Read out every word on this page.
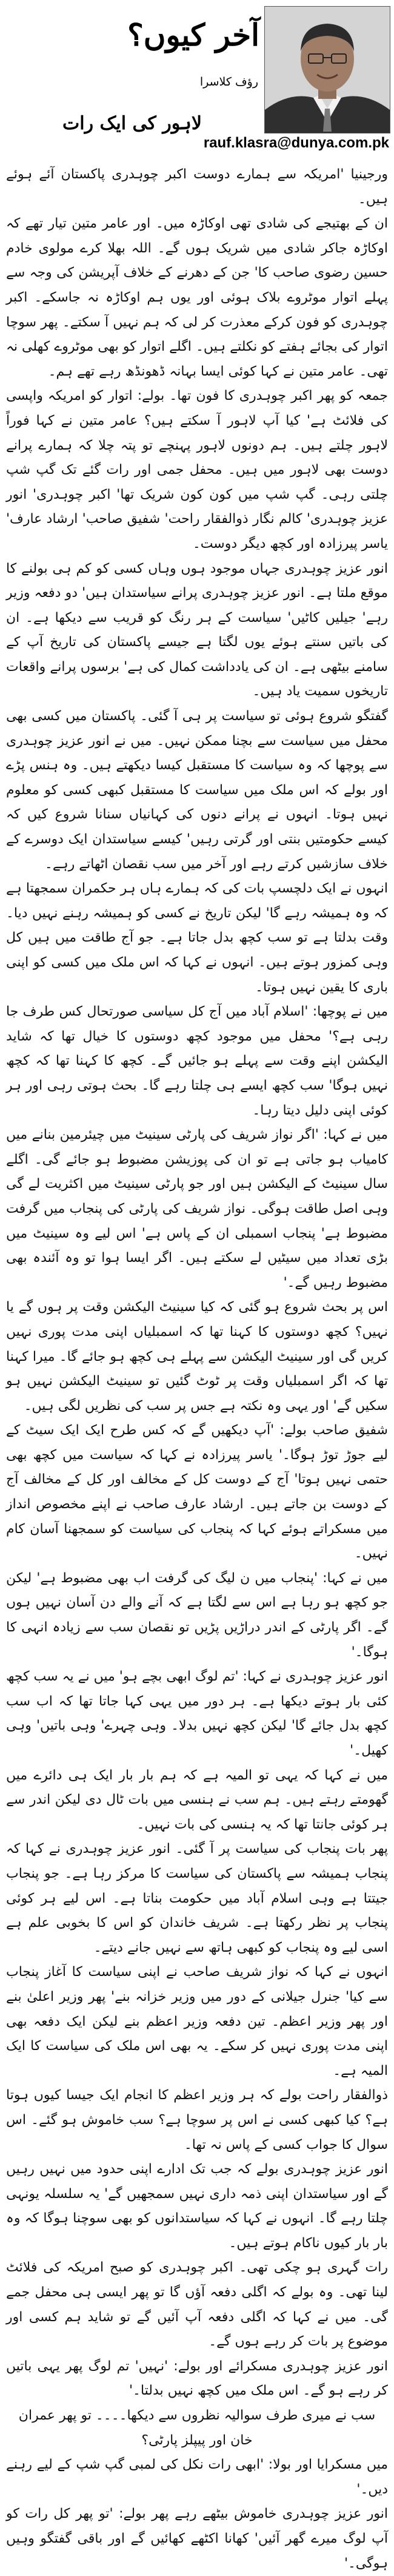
آخر کیوں؟
رؤف کلاسرا
لاہور کی ایک رات
rauf.klasra@dunya.com.pk

ورجینیا 'امریکہ سے ہمارے دوست اکبر چوہدری پاکستان آئے ہوئے ہیں۔

ان کے بھتیجے کی شادی تھی اوکاڑہ میں۔ اور عامر متین تیار تھے کہ اوکاڑہ جاکر شادی میں شریک ہوں گے۔ اللہ بھلا کرے مولوی خادم حسین رضوی صاحب کا' جن کے دھرنے کے خلاف آپریشن کی وجہ سے پہلے اتوار موٹروے بلاک ہوئی اور یوں ہم اوکاڑہ نہ جاسکے۔ اکبر چوہدری کو فون کرکے معذرت کر لی کہ ہم نہیں آ سکتے۔ پھر سوچا اتوار کی بجائے ہفتے کو نکلتے ہیں۔ اگلے اتوار کو بھی موٹروے کھلی نہ تھی۔ عامر متین نے کہا کوئی ایسا بہانہ ڈھونڈھ رہے تھے ہم۔

جمعہ کو پھر اکبر چوہدری کا فون تھا۔ بولے: اتوار کو امریکہ واپسی کی فلائٹ ہے' کیا آپ لاہور آ سکتے ہیں؟ عامر متین نے کہا فوراً لاہور چلتے ہیں۔ ہم دونوں لاہور پہنچے تو پتہ چلا کہ ہمارے پرانے دوست بھی لاہور میں ہیں۔ محفل جمی اور رات گئے تک گپ شپ چلتی رہی۔ گپ شپ میں کون کون شریک تھا' اکبر چوہدری' انور عزیز چوہدری' کالم نگار ذوالفقار راحت' شفیق صاحب' ارشاد عارف' یاسر پیرزادہ اور کچھ دیگر دوست۔

انور عزیز چوہدری جہاں موجود ہوں وہاں کسی کو کم ہی بولنے کا موقع ملتا ہے۔ انور عزیز چوہدری پرانے سیاستدان ہیں' دو دفعہ وزیر رہے' جیلیں کاٹیں' سیاست کے ہر رنگ کو قریب سے دیکھا ہے۔ ان کی باتیں سنتے ہوئے یوں لگتا ہے جیسے پاکستان کی تاریخ آپ کے سامنے بیٹھی ہے۔ ان کی یادداشت کمال کی ہے' برسوں پرانے واقعات تاریخوں سمیت یاد ہیں۔

گفتگو شروع ہوئی تو سیاست پر ہی آ گئی۔ پاکستان میں کسی بھی محفل میں سیاست سے بچنا ممکن نہیں۔ میں نے انور عزیز چوہدری سے پوچھا کہ وہ سیاست کا مستقبل کیسا دیکھتے ہیں۔ وہ ہنس پڑے اور بولے کہ اس ملک میں سیاست کا مستقبل کبھی کسی کو معلوم نہیں ہوتا۔ انہوں نے پرانے دنوں کی کہانیاں سنانا شروع کیں کہ کیسے حکومتیں بنتی اور گرتی رہیں' کیسے سیاستدان ایک دوسرے کے خلاف سازشیں کرتے رہے اور آخر میں سب نقصان اٹھاتے رہے۔

انہوں نے ایک دلچسپ بات کی کہ ہمارے ہاں ہر حکمران سمجھتا ہے کہ وہ ہمیشہ رہے گا' لیکن تاریخ نے کسی کو ہمیشہ رہنے نہیں دیا۔ وقت بدلتا ہے تو سب کچھ بدل جاتا ہے۔ جو آج طاقت میں ہیں کل وہی کمزور ہوتے ہیں۔ انہوں نے کہا کہ اس ملک میں کسی کو اپنی باری کا یقین نہیں ہوتا۔

میں نے پوچھا: 'اسلام آباد میں آج کل سیاسی صورتحال کس طرف جا رہی ہے؟' محفل میں موجود کچھ دوستوں کا خیال تھا کہ شاید الیکشن اپنے وقت سے پہلے ہو جائیں گے۔ کچھ کا کہنا تھا کہ کچھ نہیں ہوگا' سب کچھ ایسے ہی چلتا رہے گا۔ بحث ہوتی رہی اور ہر کوئی اپنی دلیل دیتا رہا۔

میں نے کہا: 'اگر نواز شریف کی پارٹی سینیٹ میں چیئرمین بنانے میں کامیاب ہو جاتی ہے تو ان کی پوزیشن مضبوط ہو جائے گی۔ اگلے سال سینیٹ کے الیکشن ہیں اور جو پارٹی سینیٹ میں اکثریت لے گی وہی اصل طاقت ہوگی۔ نواز شریف کی پارٹی کی پنجاب میں گرفت مضبوط ہے' پنجاب اسمبلی ان کے پاس ہے' اس لیے وہ سینیٹ میں بڑی تعداد میں سیٹیں لے سکتے ہیں۔ اگر ایسا ہوا تو وہ آئندہ بھی مضبوط رہیں گے۔'

اس پر بحث شروع ہو گئی کہ کیا سینیٹ الیکشن وقت پر ہوں گے یا نہیں؟ کچھ دوستوں کا کہنا تھا کہ اسمبلیاں اپنی مدت پوری نہیں کریں گی اور سینیٹ الیکشن سے پہلے ہی کچھ ہو جائے گا۔ میرا کہنا تھا کہ اگر اسمبلیاں وقت پر ٹوٹ گئیں تو سینیٹ الیکشن نہیں ہو سکیں گے' اور یہی وہ نکتہ ہے جس پر سب کی نظریں لگی ہیں۔

شفیق صاحب بولے: 'آپ دیکھیں گے کہ کس طرح ایک ایک سیٹ کے لیے جوڑ توڑ ہوگا۔' یاسر پیرزادہ نے کہا کہ سیاست میں کچھ بھی حتمی نہیں ہوتا' آج کے دوست کل کے مخالف اور کل کے مخالف آج کے دوست بن جاتے ہیں۔ ارشاد عارف صاحب نے اپنے مخصوص انداز میں مسکراتے ہوئے کہا کہ پنجاب کی سیاست کو سمجھنا آسان کام نہیں۔

میں نے کہا: 'پنجاب میں ن لیگ کی گرفت اب بھی مضبوط ہے' لیکن جو کچھ ہو رہا ہے اس سے لگتا ہے کہ آنے والے دن آسان نہیں ہوں گے۔ اگر پارٹی کے اندر دراڑیں پڑیں تو نقصان سب سے زیادہ انہی کا ہوگا۔'

انور عزیز چوہدری نے کہا: 'تم لوگ ابھی بچے ہو' میں نے یہ سب کچھ کئی بار ہوتے دیکھا ہے۔ ہر دور میں یہی کہا جاتا تھا کہ اب سب کچھ بدل جائے گا' لیکن کچھ نہیں بدلا۔ وہی چہرے' وہی باتیں' وہی کھیل۔'

میں نے کہا کہ یہی تو المیہ ہے کہ ہم بار بار ایک ہی دائرے میں گھومتے رہتے ہیں۔ ہم سب نے ہنسی میں بات ٹال دی لیکن اندر سے ہر کوئی جانتا تھا کہ یہ ہنسی کی بات نہیں۔

پھر بات پنجاب کی سیاست پر آ گئی۔ انور عزیز چوہدری نے کہا کہ پنجاب ہمیشہ سے پاکستان کی سیاست کا مرکز رہا ہے۔ جو پنجاب جیتتا ہے وہی اسلام آباد میں حکومت بناتا ہے۔ اس لیے ہر کوئی پنجاب پر نظر رکھتا ہے۔ شریف خاندان کو اس کا بخوبی علم ہے اسی لیے وہ پنجاب کو کبھی ہاتھ سے نہیں جانے دیتے۔

انہوں نے کہا کہ نواز شریف صاحب نے اپنی سیاست کا آغاز پنجاب سے کیا' جنرل جیلانی کے دور میں وزیر خزانہ بنے' پھر وزیر اعلیٰ بنے اور پھر وزیر اعظم۔ تین دفعہ وزیر اعظم بنے لیکن ایک دفعہ بھی اپنی مدت پوری نہیں کر سکے۔ یہ بھی اس ملک کی سیاست کا ایک المیہ ہے۔

ذوالفقار راحت بولے کہ ہر وزیر اعظم کا انجام ایک جیسا کیوں ہوتا ہے؟ کیا کبھی کسی نے اس پر سوچا ہے؟ سب خاموش ہو گئے۔ اس سوال کا جواب کسی کے پاس نہ تھا۔

انور عزیز چوہدری بولے کہ جب تک ادارے اپنی حدود میں نہیں رہیں گے اور سیاستدان اپنی ذمہ داری نہیں سمجھیں گے' یہ سلسلہ یونہی چلتا رہے گا۔ انہوں نے کہا کہ سیاستدانوں کو بھی سوچنا ہوگا کہ وہ بار بار کیوں ناکام ہوتے ہیں۔

رات گہری ہو چکی تھی۔ اکبر چوہدری کو صبح امریکہ کی فلائٹ لینا تھی۔ وہ بولے کہ اگلی دفعہ آؤں گا تو پھر ایسی ہی محفل جمے گی۔ میں نے کہا کہ اگلی دفعہ آپ آئیں گے تو شاید ہم کسی اور موضوع پر بات کر رہے ہوں گے۔

انور عزیز چوہدری مسکرائے اور بولے: 'نہیں' تم لوگ پھر یہی باتیں کر رہے ہو گے۔ اس ملک میں کچھ نہیں بدلتا۔'

سب نے میری طرف سوالیہ نظروں سے دیکھا۔۔۔۔ تو پھر عمران خان اور پیپلز پارٹی؟

میں مسکرایا اور بولا: 'ابھی رات نکل کی لمبی گپ شپ کے لیے رہنے دیں۔'

انور عزیز چوہدری خاموش بیٹھے رہے پھر بولے: 'تو پھر کل رات کو آپ لوگ میرے گھر آئیں' کھانا اکٹھے کھائیں گے اور باقی گفتگو وہیں ہوگی۔'
